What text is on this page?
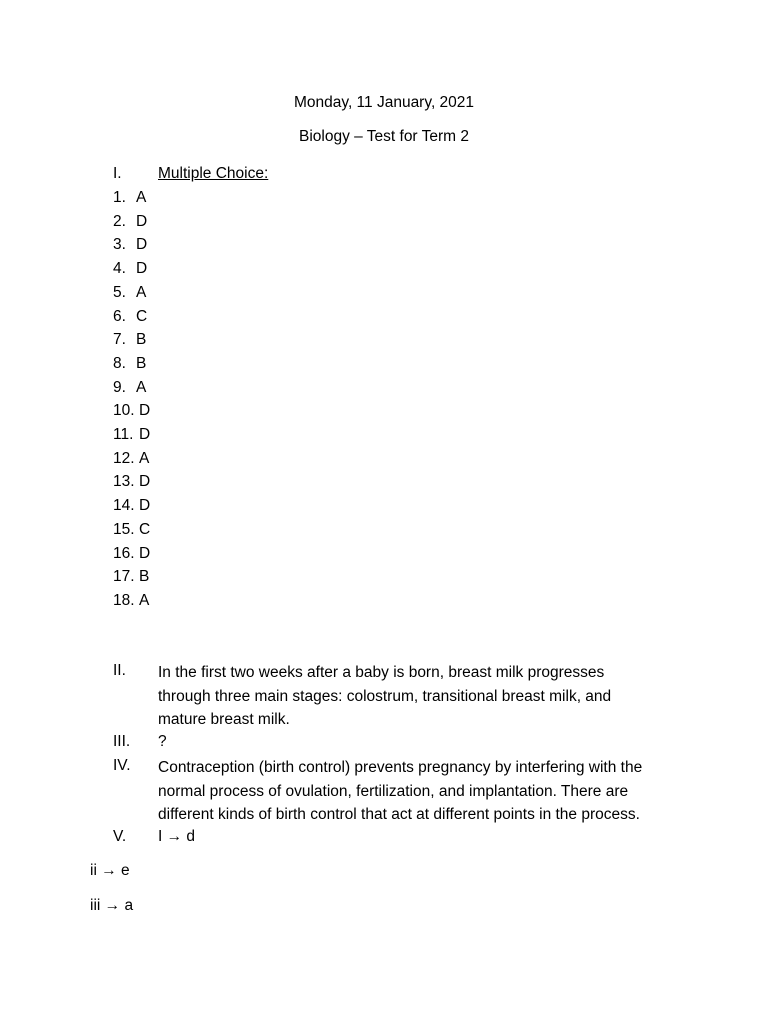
Monday, 11 January, 2021
Biology – Test for Term 2
I. Multiple Choice:
1. A
2. D
3. D
4. D
5. A
6. C
7. B
8. B
9. A
10. D
11. D
12. A
13. D
14. D
15. C
16. D
17. B
18. A
II. In the first two weeks after a baby is born, breast milk progresses
through three main stages: colostrum, transitional breast milk, and
mature breast milk.
III. ?
IV. Contraception (birth control) prevents pregnancy by interfering with the
normal process of ovulation, fertilization, and implantation. There are
different kinds of birth control that act at different points in the process.
V. I → d
ii → e
iii → a
